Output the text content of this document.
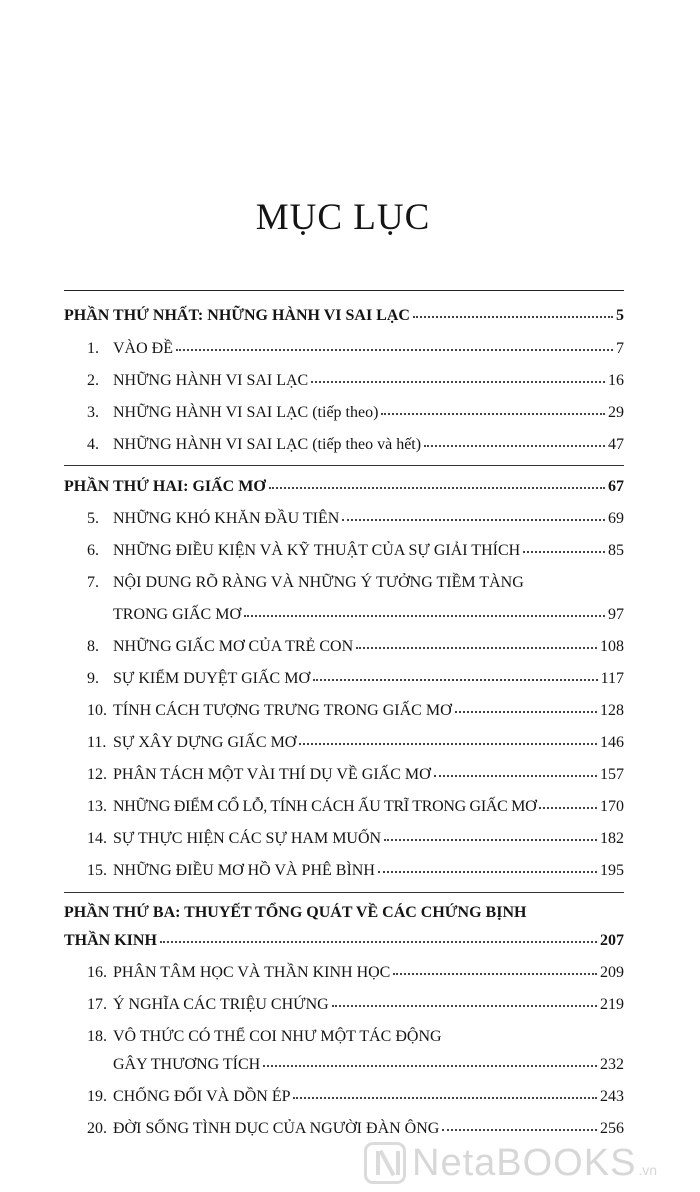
MỤC LỤC
PHẦN THỨ NHẤT: NHỮNG HÀNH VI SAI LẠC	5
1. VÀO ĐỀ	7
2. NHỮNG HÀNH VI SAI LẠC	16
3. NHỮNG HÀNH VI SAI LẠC (tiếp theo)	29
4. NHỮNG HÀNH VI SAI LẠC (tiếp theo và hết)	47
PHẦN THỨ HAI: GIẤC MƠ	67
5. NHỮNG KHÓ KHĂN ĐẦU TIÊN	69
6. NHỮNG ĐIỀU KIỆN VÀ KỸ THUẬT CỦA SỰ GIẢI THÍCH	85
7. NỘI DUNG RÕ RÀNG VÀ NHỮNG Ý TƯỞNG TIỀM TÀNG
TRONG GIẤC MƠ	97
8. NHỮNG GIẤC MƠ CỦA TRẺ CON	108
9. SỰ KIỂM DUYỆT GIẤC MƠ	117
10. TÍNH CÁCH TƯỢNG TRƯNG TRONG GIẤC MƠ	128
11. SỰ XÂY DỰNG GIẤC MƠ	146
12. PHÂN TÁCH MỘT VÀI THÍ DỤ VỀ GIẤC MƠ	157
13. NHỮNG ĐIỂM CỔ LỖ, TÍNH CÁCH ẤU TRĨ TRONG GIẤC MƠ	170
14. SỰ THỰC HIỆN CÁC SỰ HAM MUỐN	182
15. NHỮNG ĐIỀU MƠ HỒ VÀ PHÊ BÌNH	195
PHẦN THỨ BA: THUYẾT TỔNG QUÁT VỀ CÁC CHỨNG BỊNH
THẦN KINH	207
16. PHÂN TÂM HỌC VÀ THẦN KINH HỌC	209
17. Ý NGHĨA CÁC TRIỆU CHỨNG	219
18. VÔ THỨC CÓ THỂ COI NHƯ MỘT TÁC ĐỘNG
GÂY THƯƠNG TÍCH	232
19. CHỐNG ĐỐI VÀ DỒN ÉP	243
20. ĐỜI SỐNG TÌNH DỤC CỦA NGƯỜI ĐÀN ÔNG	256
NetaBOOKS .vn
